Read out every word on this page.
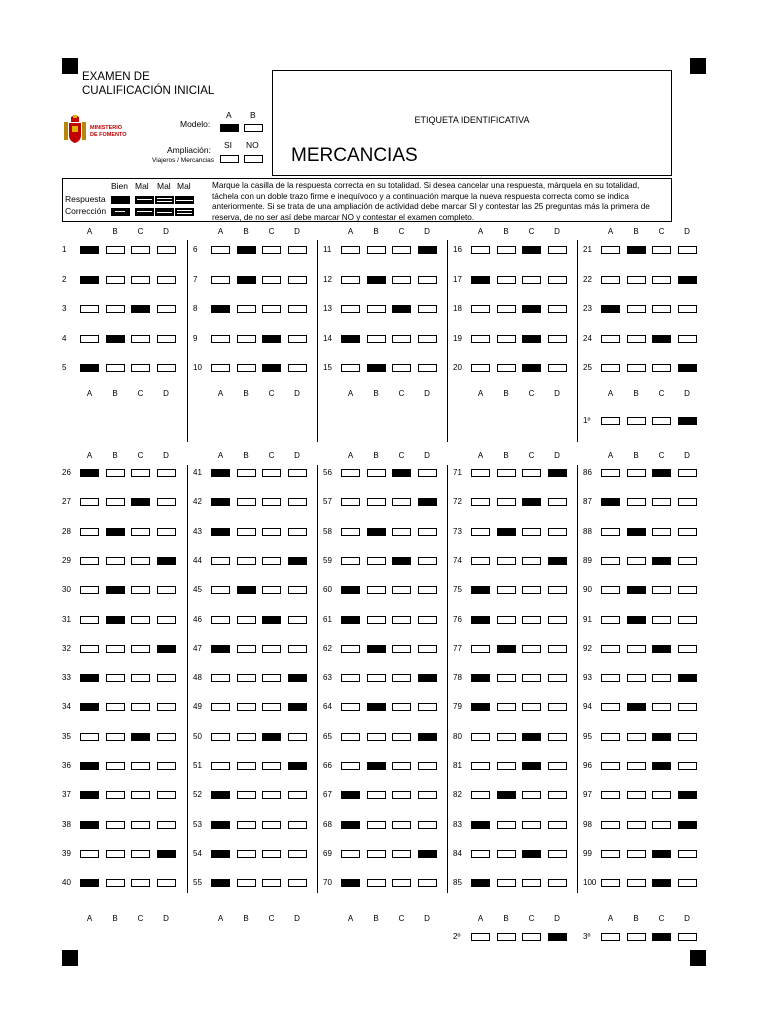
EXAMEN DE
CUALIFICACIÓN INICIAL
MINISTERIO
DE FOMENTO
A B
Modelo:
SI NO
Ampliación:
Viajeros / Mercancias
ETIQUETA IDENTIFICATIVA
MERCANCIAS
Bien Mal Mal Mal
Respuesta
Corrección
Marque la casilla de la respuesta correcta en su totalidad. Si desea cancelar una respuesta, márquela en su totalidad, táchela con un doble trazo firme e inequívoco y a continuación marque la nueva respuesta correcta como se indica anteriormente. Si se trata de una ampliación de actividad debe marcar SI y contestar las 25 preguntas más la primera de reserva, de no ser así debe marcar NO y contestar el examen completo.
A	B	C	D
1
2
3
4
5
A	B	C	D
A	B	C	D
6
7
8
9
10
A	B	C	D
A	B	C	D
11
12
13
14
15
A	B	C	D
A	B	C	D
16
17
18
19
20
A	B	C	D
A	B	C	D
21
22
23
24
25
A	B	C	D
1º
A	B	C	D
26
27
28
29
30
31
32
33
34
35
36
37
38
39
40
A	B	C	D
A	B	C	D
41
42
43
44
45
46
47
48
49
50
51
52
53
54
55
A	B	C	D
A	B	C	D
56
57
58
59
60
61
62
63
64
65
66
67
68
69
70
A	B	C	D
A	B	C	D
71
72
73
74
75
76
77
78
79
80
81
82
83
84
85
A	B	C	D
A	B	C	D
86
87
88
89
90
91
92
93
94
95
96
97
98
99
100
A	B	C	D
2º	3º
